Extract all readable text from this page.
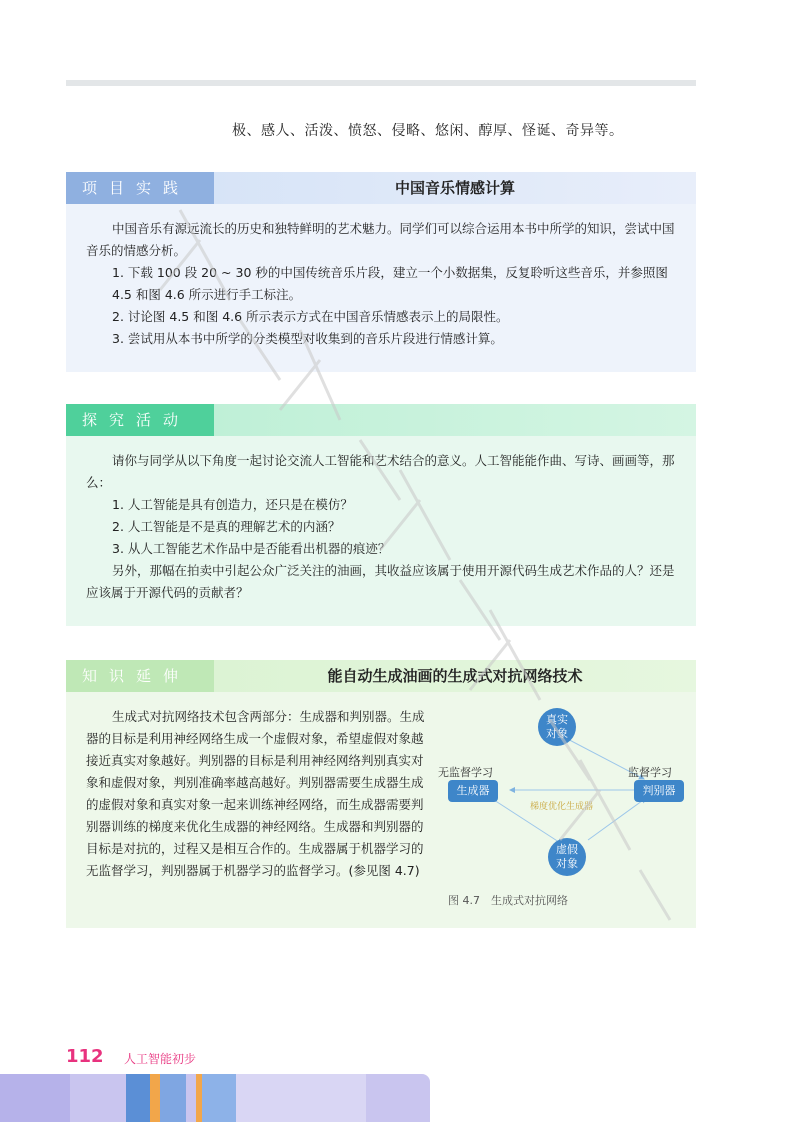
极、感人、活泼、愤怒、侵略、悠闲、醇厚、怪诞、奇异等。
项目实践	中国音乐情感计算

中国音乐有源远流长的历史和独特鲜明的艺术魅力。同学们可以综合运用本书中所学的知识，尝试中国音乐的情感分析。

1. 下载 100 段 20 ~ 30 秒的中国传统音乐片段，建立一个小数据集，反复聆听这些音乐，并参照图 4.5 和图 4.6 所示进行手工标注。

2. 讨论图 4.5 和图 4.6 所示表示方式在中国音乐情感表示上的局限性。

3. 尝试用从本书中所学的分类模型对收集到的音乐片段进行情感计算。

探究活动

请你与同学从以下角度一起讨论交流人工智能和艺术结合的意义。人工智能能作曲、写诗、画画等，那么：

1. 人工智能是具有创造力，还只是在模仿？

2. 人工智能是不是真的理解艺术的内涵？

3. 从人工智能艺术作品中是否能看出机器的痕迹？

另外，那幅在拍卖中引起公众广泛关注的油画，其收益应该属于使用开源代码生成艺术作品的人？还是应该属于开源代码的贡献者？

知识延伸	能自动生成油画的生成式对抗网络技术

生成式对抗网络技术包含两部分：生成器和判别器。生成器的目标是利用神经网络生成一个虚假对象，希望虚假对象越接近真实对象越好。判别器的目标是利用神经网络判别真实对象和虚假对象，判别准确率越高越好。判别器需要生成器生成的虚假对象和真实对象一起来训练神经网络，而生成器需要判别器训练的梯度来优化生成器的神经网络。生成器和判别器的目标是对抗的，过程又是相互合作的。生成器属于机器学习的无监督学习，判别器属于机器学习的监督学习。(参见图 4.7)

真实对象
无监督学习	监督学习
生成器	判别器
梯度优化生成器
虚假对象
图 4.7　生成式对抗网络
112 人工智能初步
